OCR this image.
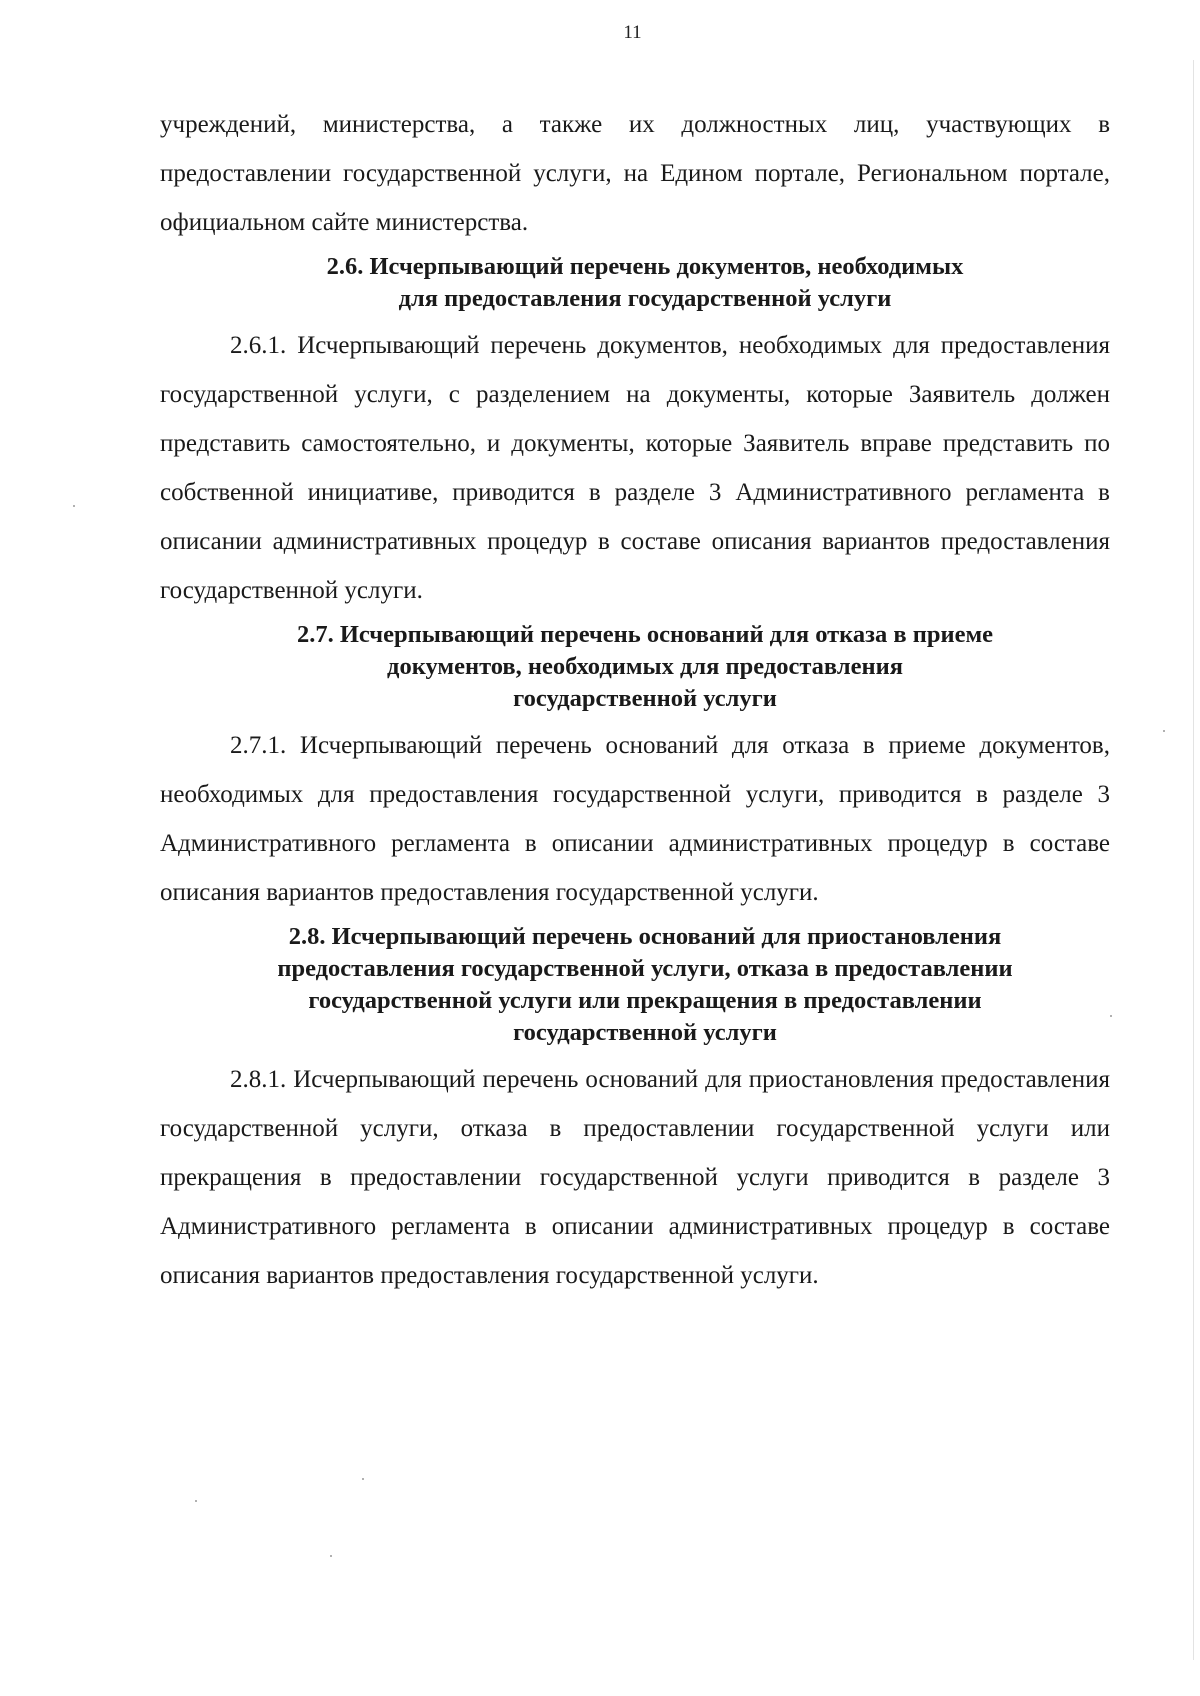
11

учреждений, министерства, а также их должностных лиц, участвующих в предоставлении государственной услуги, на Едином портале, Региональном портале, официальном сайте министерства.

2.6. Исчерпывающий перечень документов, необходимых
для предоставления государственной услуги

2.6.1. Исчерпывающий перечень документов, необходимых для предоставления государственной услуги, с разделением на документы, которые Заявитель должен представить самостоятельно, и документы, которые Заявитель вправе представить по собственной инициативе, приводится в разделе 3 Административного регламента в описании административных процедур в составе описания вариантов предоставления государственной услуги.

2.7. Исчерпывающий перечень оснований для отказа в приеме
документов, необходимых для предоставления
государственной услуги

2.7.1. Исчерпывающий перечень оснований для отказа в приеме документов, необходимых для предоставления государственной услуги, приводится в разделе 3 Административного регламента в описании административных процедур в составе описания вариантов предоставления государственной услуги.

2.8. Исчерпывающий перечень оснований для приостановления
предоставления государственной услуги, отказа в предоставлении
государственной услуги или прекращения в предоставлении
государственной услуги

2.8.1. Исчерпывающий перечень оснований для приостановления предоставления государственной услуги, отказа в предоставлении государственной услуги или прекращения в предоставлении государственной услуги приводится в разделе 3 Административного регламента в описании административных процедур в составе описания вариантов предоставления государственной услуги.
